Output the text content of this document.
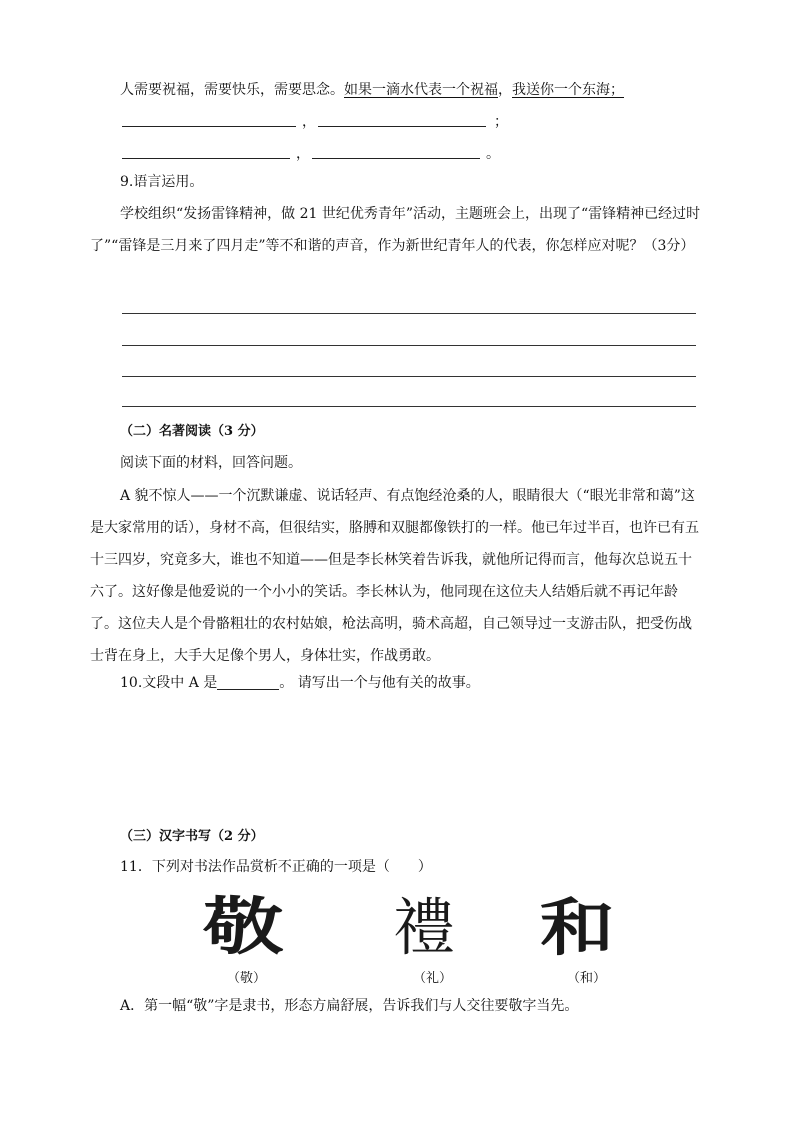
人需要祝福，需要快乐，需要思念。如果一滴水代表一个祝福，我送你一个东海；
，	；
，	。
9.语言运用。

学校组织“发扬雷锋精神，做 21 世纪优秀青年”活动，主题班会上，出现了“雷锋精神已经过时了”“雷锋是三月来了四月走”等不和谐的声音，作为新世纪青年人的代表，你怎样应对呢？（3分）

（二）名著阅读（3 分）
阅读下面的材料，回答问题。

A 貌不惊人——一个沉默谦虚、说话轻声、有点饱经沧桑的人，眼睛很大（“眼光非常和蔼”这是大家常用的话），身材不高，但很结实，胳膊和双腿都像铁打的一样。他已年过半百，也许已有五十三四岁，究竟多大，谁也不知道——但是李长林笑着告诉我，就他所记得而言，他每次总说五十六了。这好像是他爱说的一个小小的笑话。李长林认为，他同现在这位夫人结婚后就不再记年龄了。这位夫人是个骨骼粗壮的农村姑娘，枪法高明，骑术高超，自己领导过一支游击队，把受伤战士背在身上，大手大足像个男人，身体壮实，作战勇敢。

10.文段中 A 是	。 请写出一个与他有关的故事。
（三）汉字书写（2 分）
11．下列对书法作品赏析不正确的一项是（　　）
敬 禮 和
（敬）	（礼）	（和）
A．第一幅“敬”字是隶书，形态方扁舒展，告诉我们与人交往要敬字当先。
